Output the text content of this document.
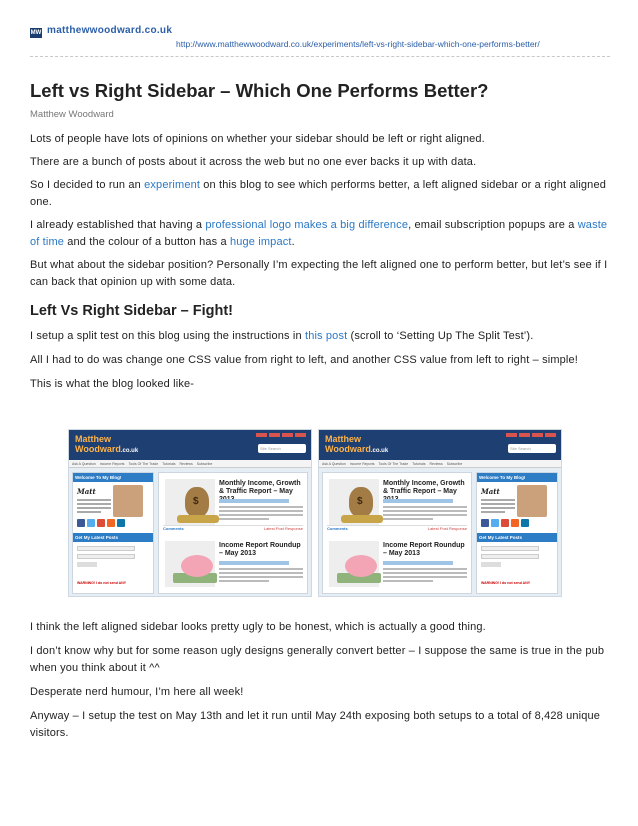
MW matthewwoodward.co.uk
http://www.matthewwoodward.co.uk/experiments/left-vs-right-sidebar-which-one-performs-better/
Left vs Right Sidebar – Which One Performs Better?
Matthew Woodward

Lots of people have lots of opinions on whether your sidebar should be left or right aligned.

There are a bunch of posts about it across the web but no one ever backs it up with data.

So I decided to run an experiment on this blog to see which performs better, a left aligned sidebar or a right aligned one.

I already established that having a professional logo makes a big difference, email subscription popups are a waste of time and the colour of a button has a huge impact.

But what about the sidebar position? Personally I’m expecting the left aligned one to perform better, but let’s see if I can back that opinion up with some data.

Left Vs Right Sidebar – Fight!

I setup a split test on this blog using the instructions in this post (scroll to ‘Setting Up The Split Test’).

All I had to do was change one CSS value from right to left, and another CSS value from left to right – simple!

This is what the blog looked like-

Matthew
Woodward.co.uk	Site Search
Ask A Question Income Reports Tools Of The Trade Tutorials Reviews Subscribe
Welcome To My Blog!
Matt
Get My Latest Posts
WARNING! I do not send ANY
$
Monthly Income, Growth & Traffic Report – May
Comments	Latest Post Response
Income Report Roundup – May 2013
Matthew
Woodward.co.uk	Site Search
Ask A Question Income Reports Tools Of The Trade Tutorials Reviews Subscribe
$
Monthly Income, Growth & Traffic Report – May
Comments	Latest Post Response
Income Report Roundup – May 2013
Welcome To My Blog!
Matt
Get My Latest Posts
WARNING! I do not send ANY

I think the left aligned sidebar looks pretty ugly to be honest, which is actually a good thing.

I don’t know why but for some reason ugly designs generally convert better – I suppose the same is true in the pub when you think about it ^^

Desperate nerd humour, I’m here all week!

Anyway – I setup the test on May 13th and let it run until May 24th exposing both setups to a total of 8,428 unique visitors.
